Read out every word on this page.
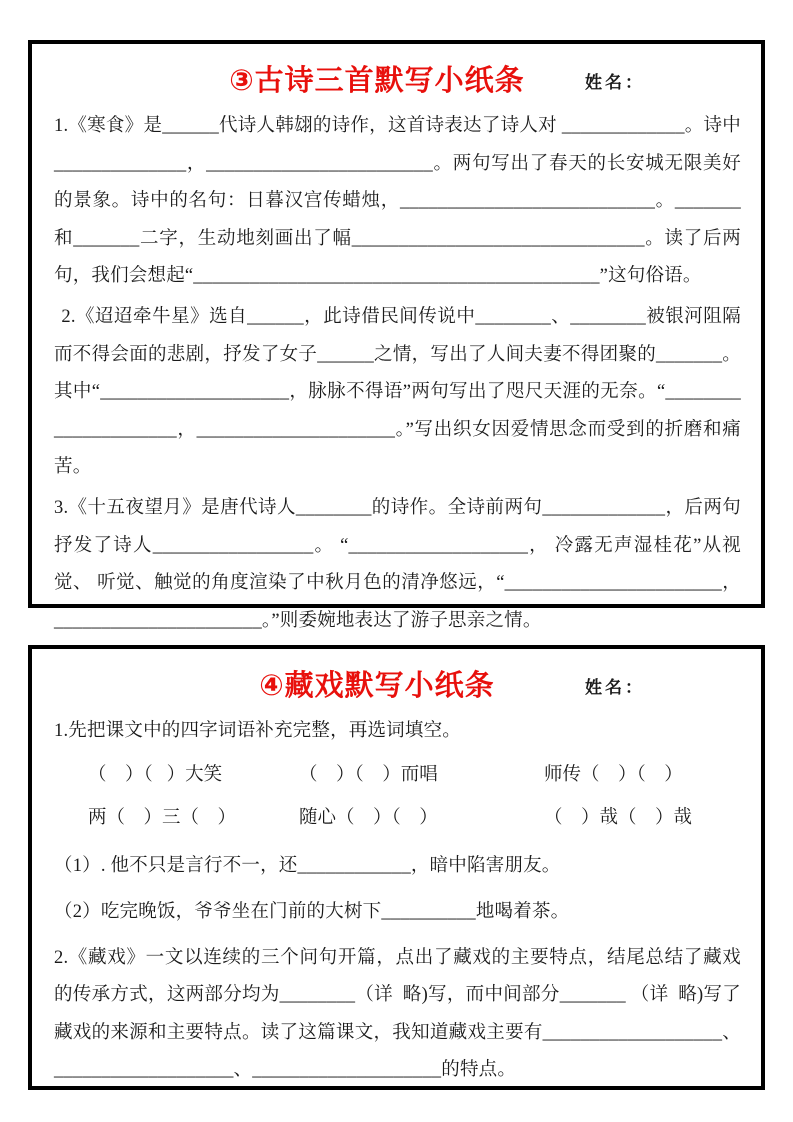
③古诗三首默写小纸条	姓名：

1.《寒食》是______代诗人韩翃的诗作，这首诗表达了诗人对 _____________。诗中______________，________________________。两句写出了春天的长安城无限美好的景象。诗中的名句：日暮汉宫传蜡烛，___________________________。_______和_______二字，生动地刻画出了幅_______________________________。读了后两句，我们会想起“___________________________________________”这句俗语。

2.《迢迢牵牛星》选自______，此诗借民间传说中________、________被银河阻隔而不得会面的悲剧，抒发了女子______之情，写出了人间夫妻不得团聚的_______。其中“____________________，脉脉不得语”两句写出了咫尺天涯的无奈。“_____________________，_____________________。”写出织女因爱情思念而受到的折磨和痛苦。

3.《十五夜望月》是唐代诗人________的诗作。全诗前两句_____________，后两句抒发了诗人_________________。 “___________________， 冷露无声湿桂花”从视觉、 听觉、触觉的角度渲染了中秋月色的清净悠远，“_______________________，______________________。”则委婉地表达了游子思亲之情。

④藏戏默写小纸条	姓名：

1.先把课文中的四字词语补充完整，再选词填空。

（    ）（   ）大笑	（    ）（    ）而唱	师传（    ）（    ）
两（    ）三（    ）	随心（    ）（    ）	（    ）哉（    ）哉

（1）. 他不只是言行不一，还____________，暗中陷害朋友。

（2）吃完晚饭，爷爷坐在门前的大树下__________地喝着茶。

2.《藏戏》一文以连续的三个问句开篇，点出了藏戏的主要特点，结尾总结了藏戏的传承方式，这两部分均为________（详  略)写，而中间部分_______ （详  略)写了藏戏的来源和主要特点。读了这篇课文，我知道藏戏主要有___________________、___________________、____________________的特点。
